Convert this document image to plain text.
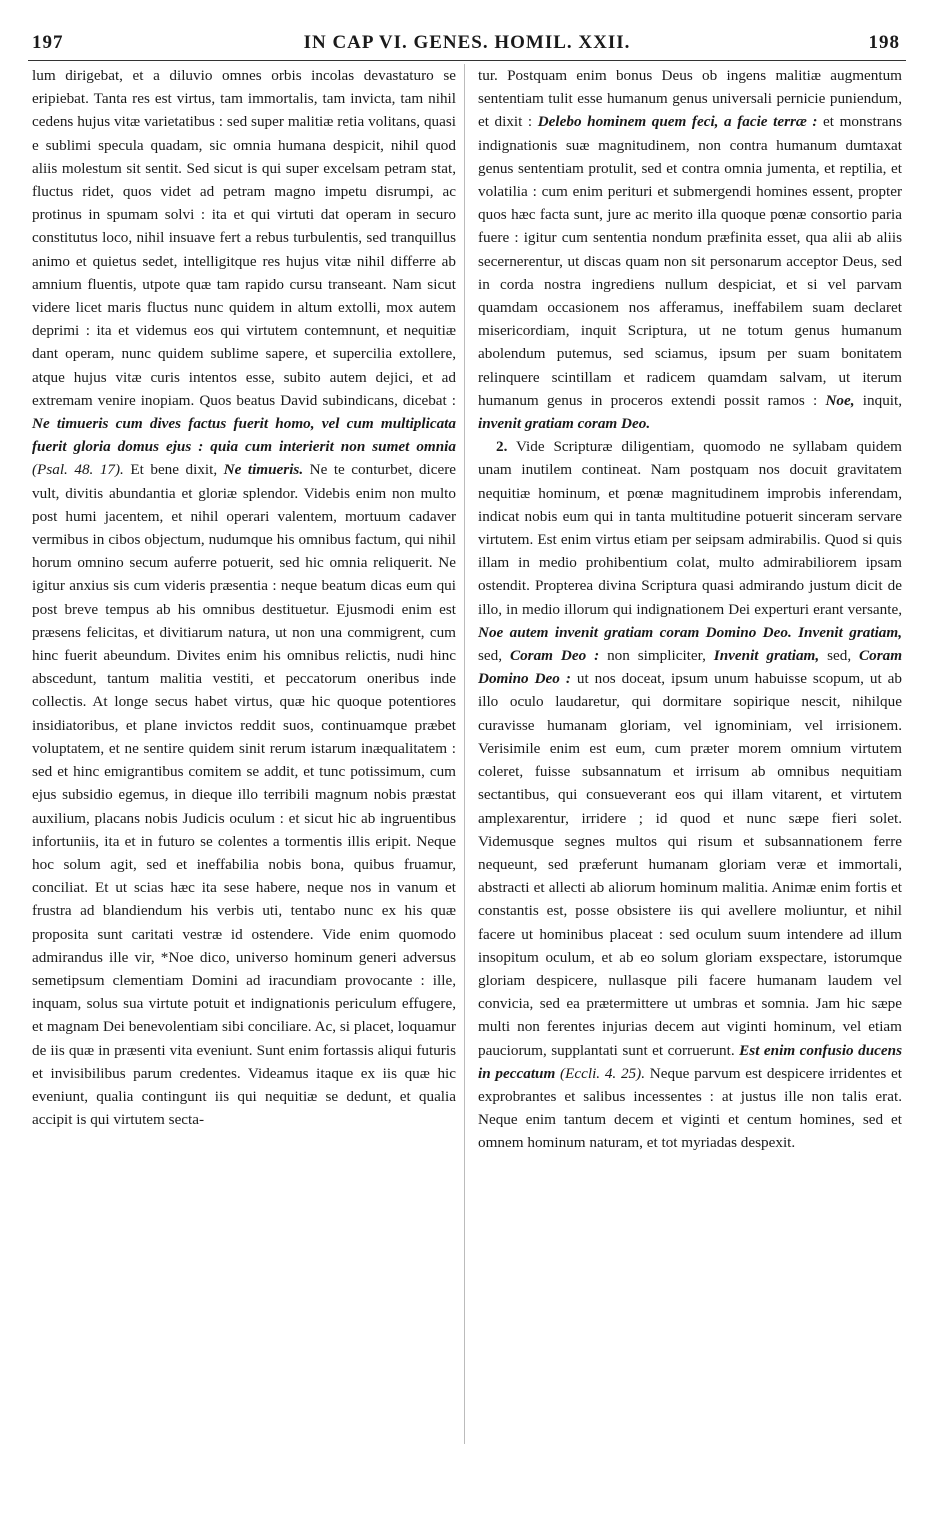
197	IN CAP VI. GENES. HOMIL. XXII.	198

lum dirigebat, et a diluvio omnes orbis incolas devastaturo se eripiebat. Tanta res est virtus, tam immortalis, tam invicta, tam nihil cedens hujus vitæ varietatibus : sed super malitiæ retia volitans, quasi e sublimi specula quadam, sic omnia humana despicit, nihil quod aliis molestum sit sentit. Sed sicut is qui super excelsam petram stat, fluctus ridet, quos videt ad petram magno impetu disrumpi, ac protinus in spumam solvi : ita et qui virtuti dat operam in securo constitutus loco, nihil insuave fert a rebus turbulentis, sed tranquillus animo et quietus sedet, intelligitque res hujus vitæ nihil differre ab amnium fluentis, utpote quæ tam rapido cursu transeant. Nam sicut videre licet maris fluctus nunc quidem in altum extolli, mox autem deprimi : ita et videmus eos qui virtutem contemnunt, et nequitiæ dant operam, nunc quidem sublime sapere, et supercilia extollere, atque hujus vitæ curis intentos esse, subito autem dejici, et ad extremam venire inopiam. Quos beatus David subindicans, dicebat : Ne timueris cum dives factus fuerit homo, vel cum multiplicata fuerit gloria domus ejus : quia cum interierit non sumet omnia (Psal. 48. 17). Et bene dixit, Ne timueris. Ne te conturbet, dicere vult, divitis abundantia et gloriæ splendor. Videbis enim non multo post humi jacentem, et nihil operari valentem, mortuum cadaver vermibus in cibos objectum, nudumque his omnibus factum, qui nihil horum omnino secum auferre potuerit, sed hic omnia reliquerit. Ne igitur anxius sis cum videris præsentia : neque beatum dicas eum qui post breve tempus ab his omnibus destituetur. Ejusmodi enim est præsens felicitas, et divitiarum natura, ut non una commigrent, cum hinc fuerit abeundum. Divites enim his omnibus relictis, nudi hinc abscedunt, tantum malitia vestiti, et peccatorum oneribus inde collectis. At longe secus habet virtus, quæ hic quoque potentiores insidiatoribus, et plane invictos reddit suos, continuamque præbet voluptatem, et ne sentire quidem sinit rerum istarum inæqualitatem : sed et hinc emigrantibus comitem se addit, et tunc potissimum, cum ejus subsidio egemus, in dieque illo terribili magnum nobis præstat auxilium, placans nobis Judicis oculum : et sicut hic ab ingruentibus infortuniis, ita et in futuro se colentes a tormentis illis eripit. Neque hoc solum agit, sed et ineffabilia nobis bona, quibus fruamur, conciliat. Et ut scias hæc ita sese habere, neque nos in vanum et frustra ad blandiendum his verbis uti, tentabo nunc ex his quæ proposita sunt caritati vestræ id ostendere. Vide enim quomodo admirandus ille vir, *Noe dico, universo hominum generi adversus semetipsum clementiam Domini ad iracundiam provocante : ille, inquam, solus sua virtute potuit et indignationis periculum effugere, et magnam Dei benevolentiam sibi conciliare. Ac, si placet, loquamur de iis quæ in præsenti vita eveniunt. Sunt enim fortassis aliqui futuris et invisibilibus parum credentes. Videamus itaque ex iis quæ hic eveniunt, qualia contingunt iis qui nequitiæ se dedunt, et qualia accipit is qui virtutem secta-

tur. Postquam enim bonus Deus ob ingens malitiæ augmentum sententiam tulit esse humanum genus universali pernicie puniendum, et dixit : Delebo hominem quem feci, a facie terræ : et monstrans indignationis suæ magnitudinem, non contra humanum dumtaxat genus sententiam protulit, sed et contra omnia jumenta, et reptilia, et volatilia : cum enim perituri et submergendi homines essent, propter quos hæc facta sunt, jure ac merito illa quoque pœnæ consortio paria fuere : igitur cum sententia nondum præfinita esset, qua alii ab aliis secernerentur, ut discas quam non sit personarum acceptor Deus, sed in corda nostra ingrediens nullum despiciat, et si vel parvam quamdam occasionem nos afferamus, ineffabilem suam declaret misericordiam, inquit Scriptura, ut ne totum genus humanum abolendum putemus, sed sciamus, ipsum per suam bonitatem relinquere scintillam et radicem quamdam salvam, ut iterum humanum genus in proceros extendi possit ramos : Noe, inquit, invenit gratiam coram Deo.

2. Vide Scripturæ diligentiam, quomodo ne syllabam quidem unam inutilem contineat. Nam postquam nos docuit gravitatem nequitiæ hominum, et pœnæ magnitudinem improbis inferendam, indicat nobis eum qui in tanta multitudine potuerit sinceram servare virtutem. Est enim virtus etiam per seipsam admirabilis. Quod si quis illam in medio prohibentium colat, multo admirabiliorem ipsam ostendit. Propterea divina Scriptura quasi admirando justum dicit de illo, in medio illorum qui indignationem Dei experturi erant versante, Noe autem invenit gratiam coram Domino Deo. Invenit gratiam, sed, Coram Deo : non simpliciter, Invenit gratiam, sed, Coram Domino Deo : ut nos doceat, ipsum unum habuisse scopum, ut ab illo oculo laudaretur, qui dormitare sopirique nescit, nihilque curavisse humanam gloriam, vel ignominiam, vel irrisionem. Verisimile enim est eum, cum præter morem omnium virtutem coleret, fuisse subsannatum et irrisum ab omnibus nequitiam sectantibus, qui consueverant eos qui illam vitarent, et virtutem amplexarentur, irridere ; id quod et nunc sæpe fieri solet. Videmusque segnes multos qui risum et subsannationem ferre nequeunt, sed præferunt humanam gloriam veræ et immortali, abstracti et allecti ab aliorum hominum malitia. Animæ enim fortis et constantis est, posse obsistere iis qui avellere moliuntur, et nihil facere ut hominibus placeat : sed oculum suum intendere ad illum insopitum oculum, et ab eo solum gloriam exspectare, istorumque gloriam despicere, nullasque pili facere humanam laudem vel convicia, sed ea prætermittere ut umbras et somnia. Jam hic sæpe multi non ferentes injurias decem aut viginti hominum, vel etiam pauciorum, supplantati sunt et corruerunt. Est enim confusio ducens in peccatum (Eccli. 4. 25). Neque parvum est despicere irridentes et exprobrantes et salibus incessentes : at justus ille non talis erat. Neque enim tantum decem et viginti et centum homines, sed et omnem hominum naturam, et tot myriadas despexit.
